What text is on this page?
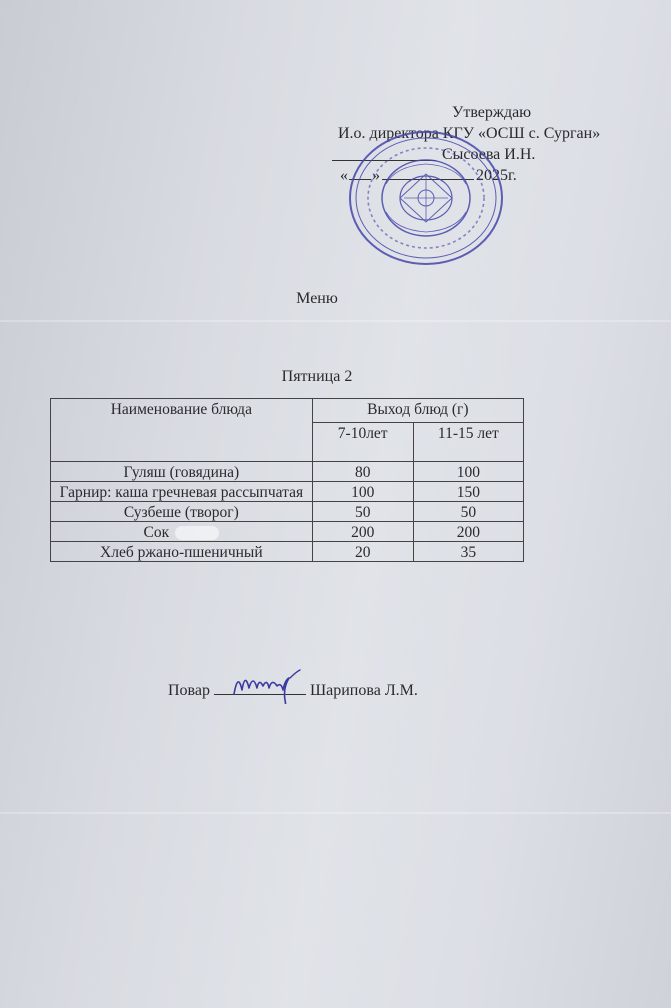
Утверждаю
И.о. директора КГУ «ОСШ с. Сурган»
Сысоева И.Н.
« »	2025г.
Меню
Пятница 2
Наименование блюда	Выход блюд (г)	
	7-10лет	11-15 лет
Гуляш (говядина)	80	100
Гарнир: каша гречневая рассыпчатая	100	150
Сузбеше (творог)	50	50
Сок	200	200
Хлеб ржано-пшеничный	20	35
Повар	Шарипова Л.М.
